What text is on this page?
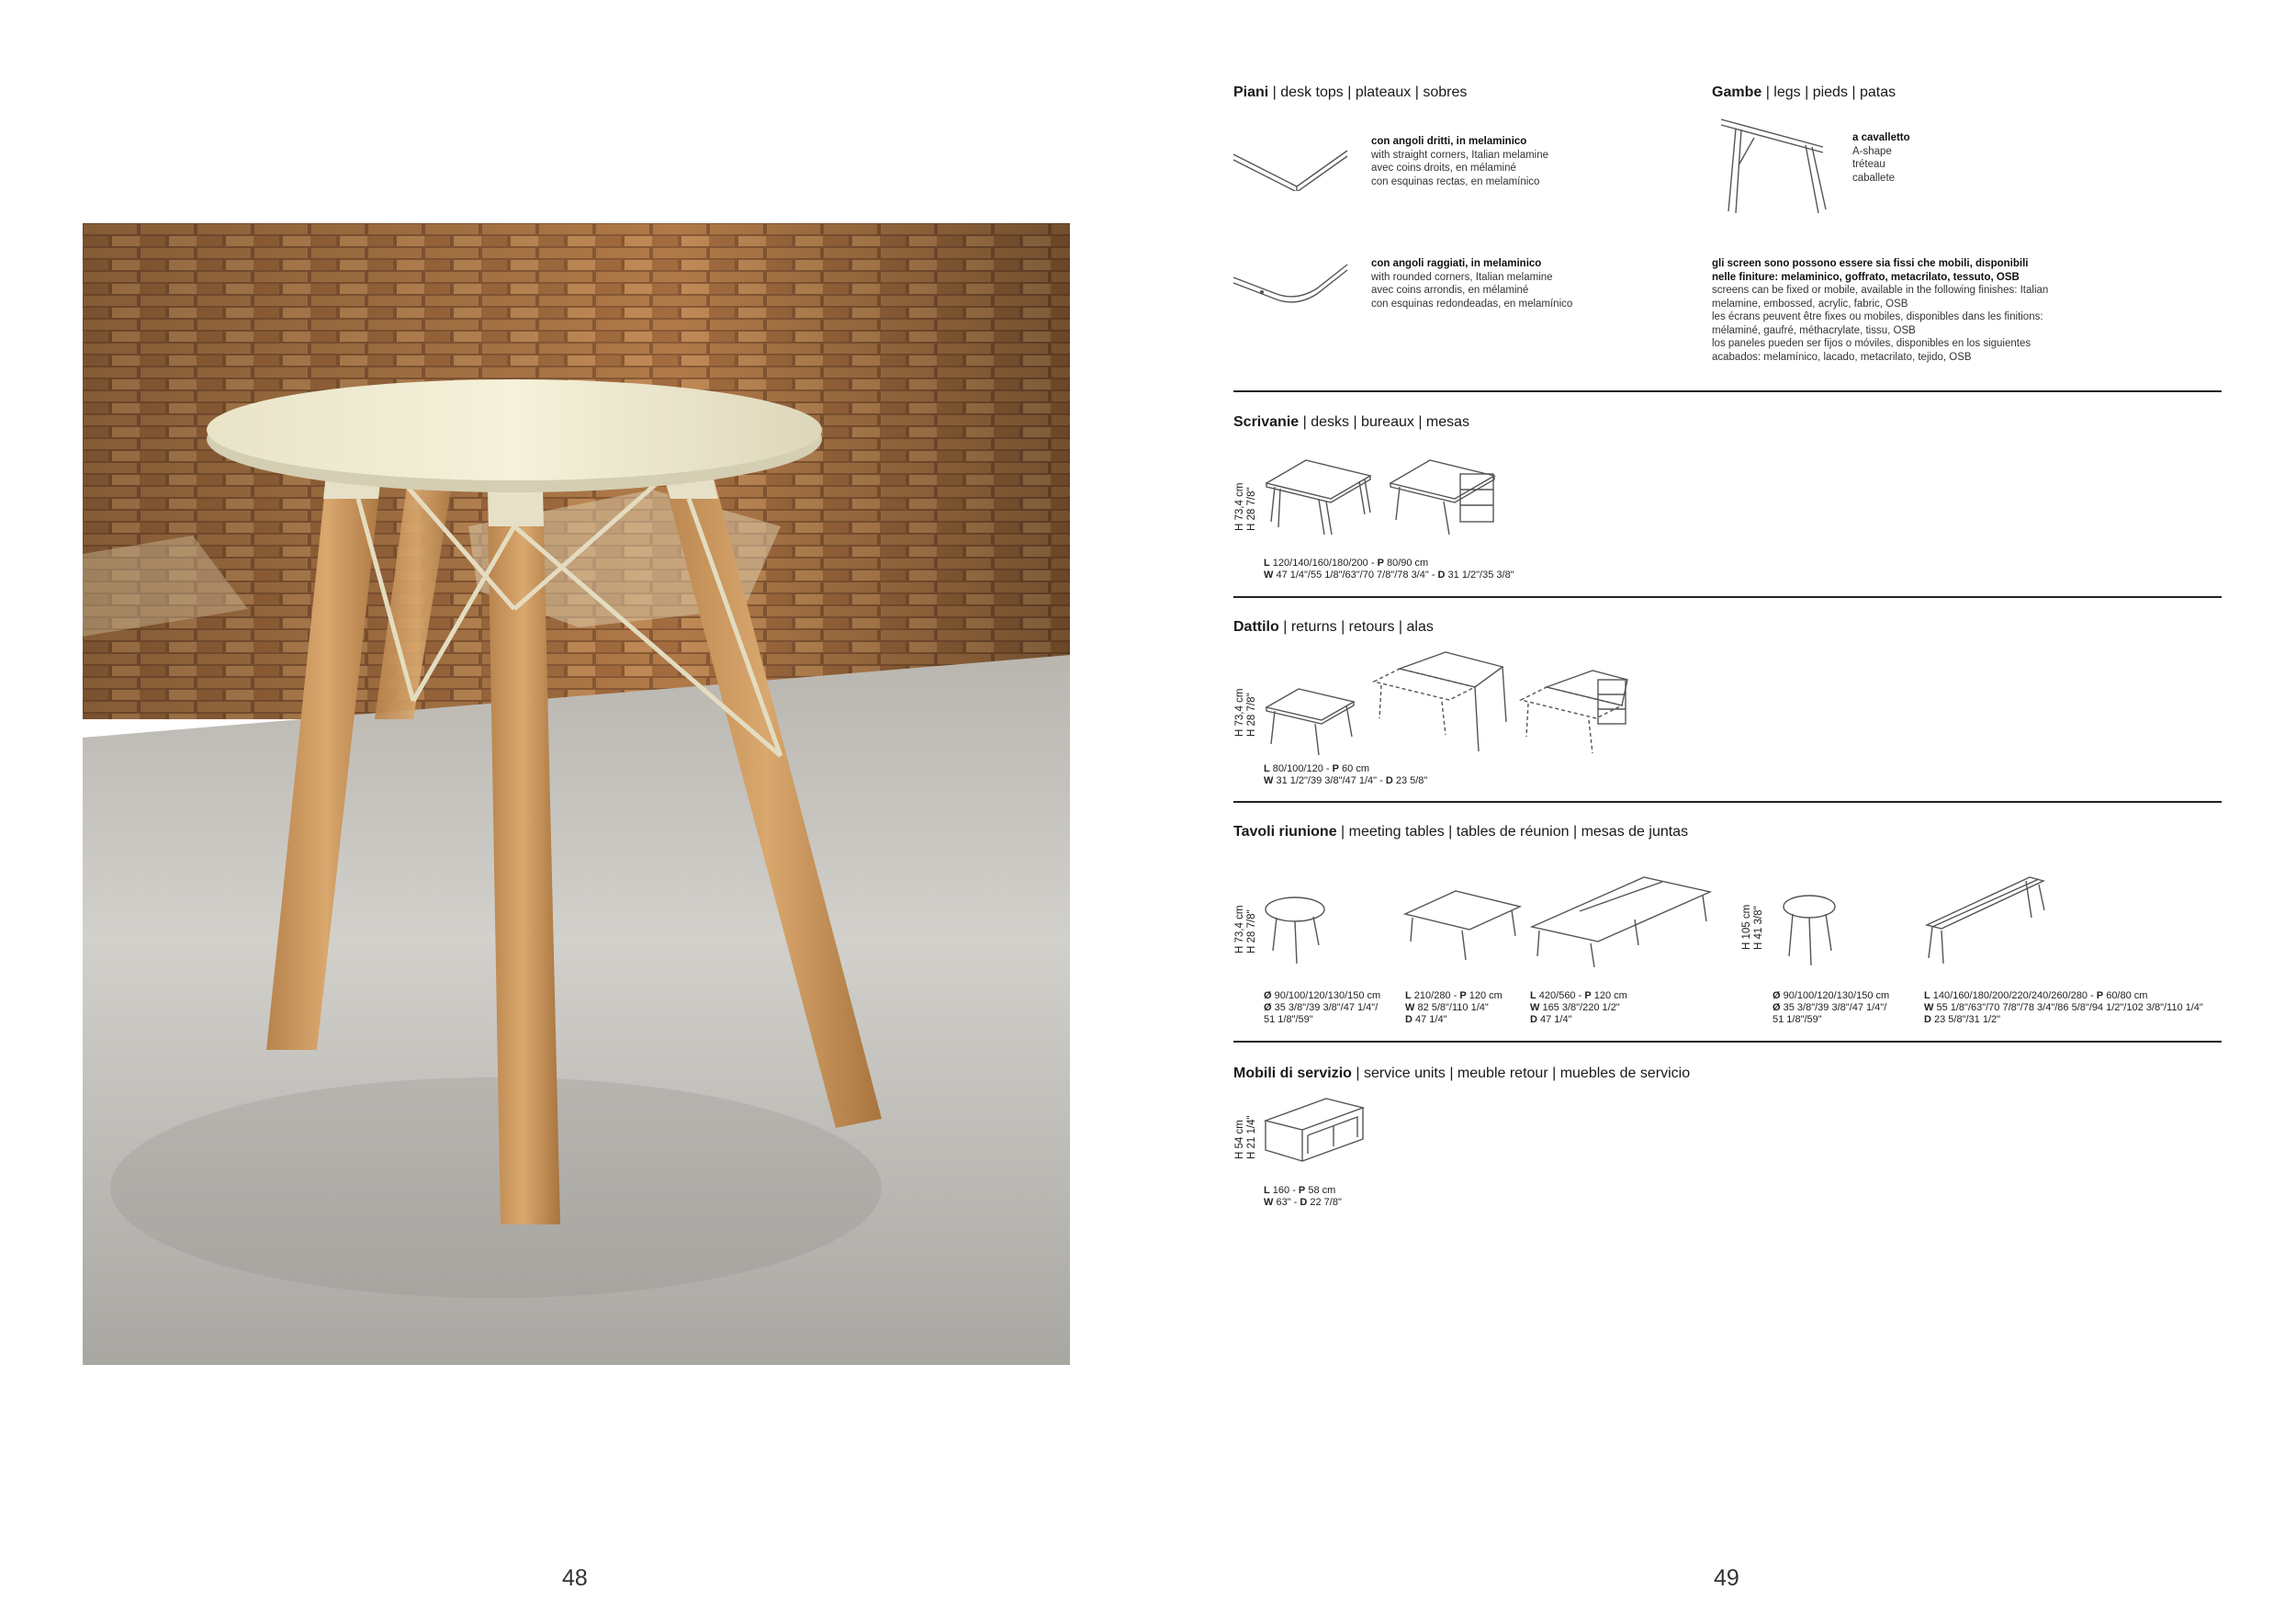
48	49
Piani | desk tops | plateaux | sobres
con angoli dritti, in melaminico
with straight corners, Italian melamine
avec coins droits, en mélaminé
con esquinas rectas, en melamínico
con angoli raggiati, in melaminico
with rounded corners, Italian melamine
avec coins arrondis, en mélaminé
con esquinas redondeadas, en melamínico
Gambe | legs | pieds | patas
a cavalletto
A-shape
tréteau
caballete
gli screen sono possono essere sia fissi che mobili, disponibili
nelle finiture: melaminico, goffrato, metacrilato, tessuto, OSB
screens can be fixed or mobile, available in the following finishes: Italian
melamine, embossed, acrylic, fabric, OSB
les écrans peuvent être fixes ou mobiles, disponibles dans les finitions:
mélaminé, gaufré, méthacrylate, tissu, OSB
los paneles pueden ser fijos o móviles, disponibles en los siguientes
acabados: melamínico, lacado, metacrilato, tejido, OSB
Scrivanie | desks | bureaux | mesas
H 73,4 cm H 28 7/8"
L 120/140/160/180/200 - P 80/90 cm
W 47 1/4"/55 1/8"/63"/70 7/8"/78 3/4" - D 31 1/2"/35 3/8"
Dattilo | returns | retours | alas
H 73,4 cm H 28 7/8"
L 80/100/120 - P 60 cm
W 31 1/2"/39 3/8"/47 1/4" - D 23 5/8"
Tavoli riunione | meeting tables | tables de réunion | mesas de juntas
H 73,4 cm H 28 7/8"	H 105 cm H 41 3/8"
Ø 90/100/120/130/150 cm
Ø 35 3/8"/39 3/8"/47 1/4"/
51 1/8"/59"
L 210/280 - P 120 cm
W 82 5/8"/110 1/4"
D 47 1/4"
L 420/560 - P 120 cm
W 165 3/8"/220 1/2"
D 47 1/4"
Ø 90/100/120/130/150 cm
Ø 35 3/8"/39 3/8"/47 1/4"/
51 1/8"/59"
L 140/160/180/200/220/240/260/280 - P 60/80 cm
W 55 1/8"/63"/70 7/8"/78 3/4"/86 5/8"/94 1/2"/102 3/8"/110 1/4"
D 23 5/8"/31 1/2"
Mobili di servizio | service units | meuble retour | muebles de servicio
H 54 cm H 21 1/4"
L 160 - P 58 cm
W 63" - D 22 7/8"
